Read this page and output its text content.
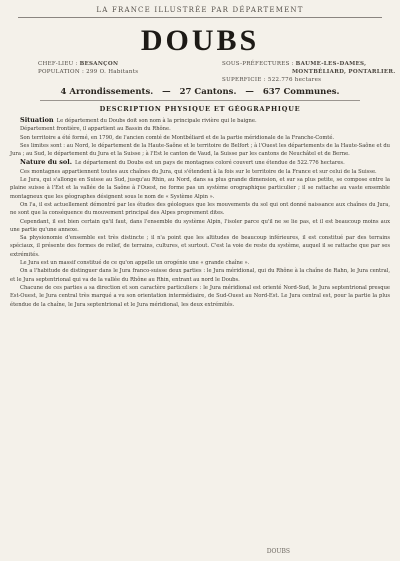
LA FRANCE ILLUSTRÉE PAR DÉPARTEMENT
DOUBS
CHEF-LIEU : BESANÇON
POPULATION : 299 O. Habitants
SOUS-PRÉFECTURES : BAUME-LES-DAMES,
MONTBÉLIARD, PONTARLIER.
SUPERFICIE : 522.776 hectares
4 Arrondissements. — 27 Cantons. — 637 Communes.
DESCRIPTION PHYSIQUE ET GÉOGRAPHIQUE

Situation Le département du Doubs doit son nom à la principale rivière qui le baigne.

Département frontière, il appartient au Bassin du Rhône.

Son territoire a été formé, en 1790, de l'ancien comté de Montbéliard et de la partie méridionale de la Franche-Comté.

Ses limites sont : au Nord, le département de la Haute-Saône et le territoire de Belfort ; à l'Ouest les départements de la Haute-Saône et du Jura ; au Sud, le département du Jura et la Suisse ; à l'Est le canton de Vaud, la Suisse par les cantons de Neuchâtel et de Berne.

Nature du sol. Le département du Doubs est un pays de montagnes coloré couvert une étendue de 522.776 hectares.

Ces montagnes appartiennent toutes aux chaînes du Jura, qui s'étendent à la fois sur le territoire de la France et sur celui de la Suisse.

Le Jura, qui s'allonge en Suisse au Sud, jusqu'au Rhin, au Nord, dans sa plus grande dimension, et sur sa plus petite, se compose entre la plaine suisse à l'Est et la vallée de la Saône à l'Ouest, ne forme pas un système orographique particulier ; il se rattache au vaste ensemble montagneux que les géographes désignent sous le nom de « Système Alpin ».

On l'a, il est actuellement démontré par les études des géologues que les mouvements du sol qui ont donné naissance aux chaînes du Jura, ne sont que la conséquence du mouvement principal des Alpes proprement dites.

Cependant, il est bien certain qu'il faut, dans l'ensemble du système Alpin, l'isoler parce qu'il ne se lie pas, et il est beaucoup moins aux une partie qu'une annexe.

Sa physionomie d'ensemble est très distincte ; il n'a point que les altitudes de beaucoup inférieures, il est constitué par des terrains spéciaux, il présente des formes de relief, de terrains, cultures, et surtout. C'est la voie de reste du système, auquel il se rattache que par ses extrémités.

Le Jura est un massif constitué de ce qu'on appelle un orogénie une « grande chaîne ».

On a l'habitude de distinguer dans le Jura franco-suisse deux parties : le Jura méridional, qui du Rhône à la chaîne de Rahn, le Jura central, et le Jura septentrional qui va de la vallée du Rhône au Rhin, entrant au nord le Doubs.

Chacune de ces parties a sa direction et son caractère particuliers : le Jura méridional est orienté Nord-Sud, le Jura septentrional presque Est-Ouest, le Jura central très marqué a vu son orientation intermédiaire, de Sud-Ouest au Nord-Est. Le Jura central est, pour la partie la plus étendue de la chaîne, le Jura septentrional et le Jura méridional, les deux extrémités.

DOUBS
